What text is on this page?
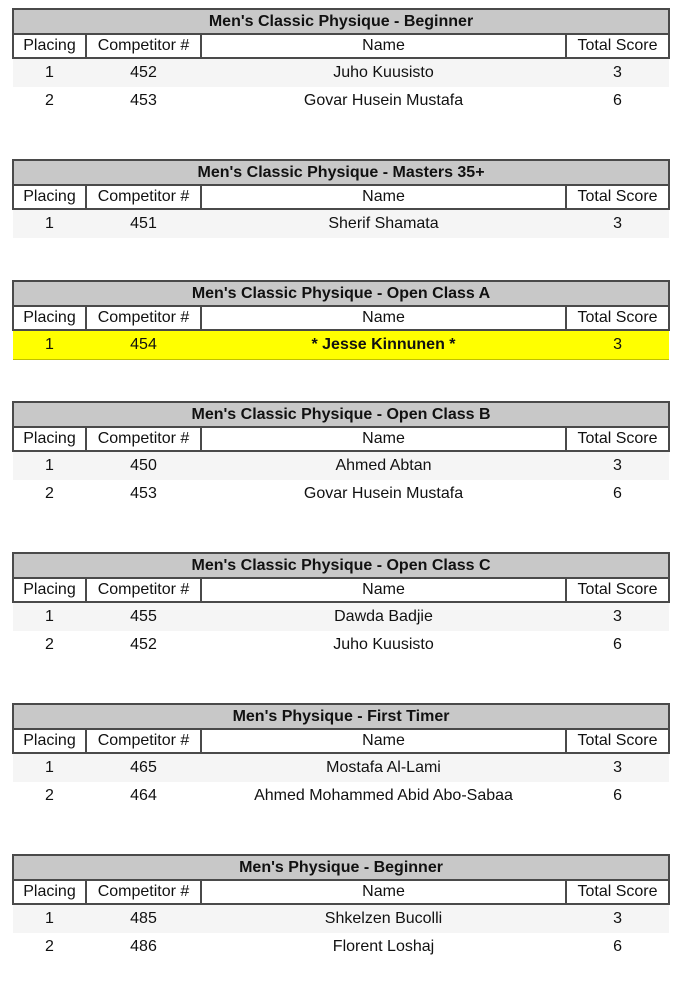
Men's Classic Physique - Beginner			
Placing	Competitor #	Name	Total Score
1	452	Juho Kuusisto	3
2	453	Govar Husein Mustafa	6
Men's Classic Physique - Masters 35+			
Placing	Competitor #	Name	Total Score
1	451	Sherif Shamata	3
Men's Classic Physique - Open Class A			
Placing	Competitor #	Name	Total Score
1	454	* Jesse Kinnunen *	3
Men's Classic Physique - Open Class B			
Placing	Competitor #	Name	Total Score
1	450	Ahmed Abtan	3
2	453	Govar Husein Mustafa	6
Men's Classic Physique - Open Class C			
Placing	Competitor #	Name	Total Score
1	455	Dawda Badjie	3
2	452	Juho Kuusisto	6
Men's Physique - First Timer			
Placing	Competitor #	Name	Total Score
1	465	Mostafa Al-Lami	3
2	464	Ahmed Mohammed Abid Abo-Sabaa	6
Men's Physique - Beginner			
Placing	Competitor #	Name	Total Score
1	485	Shkelzen Bucolli	3
2	486	Florent Loshaj	6
